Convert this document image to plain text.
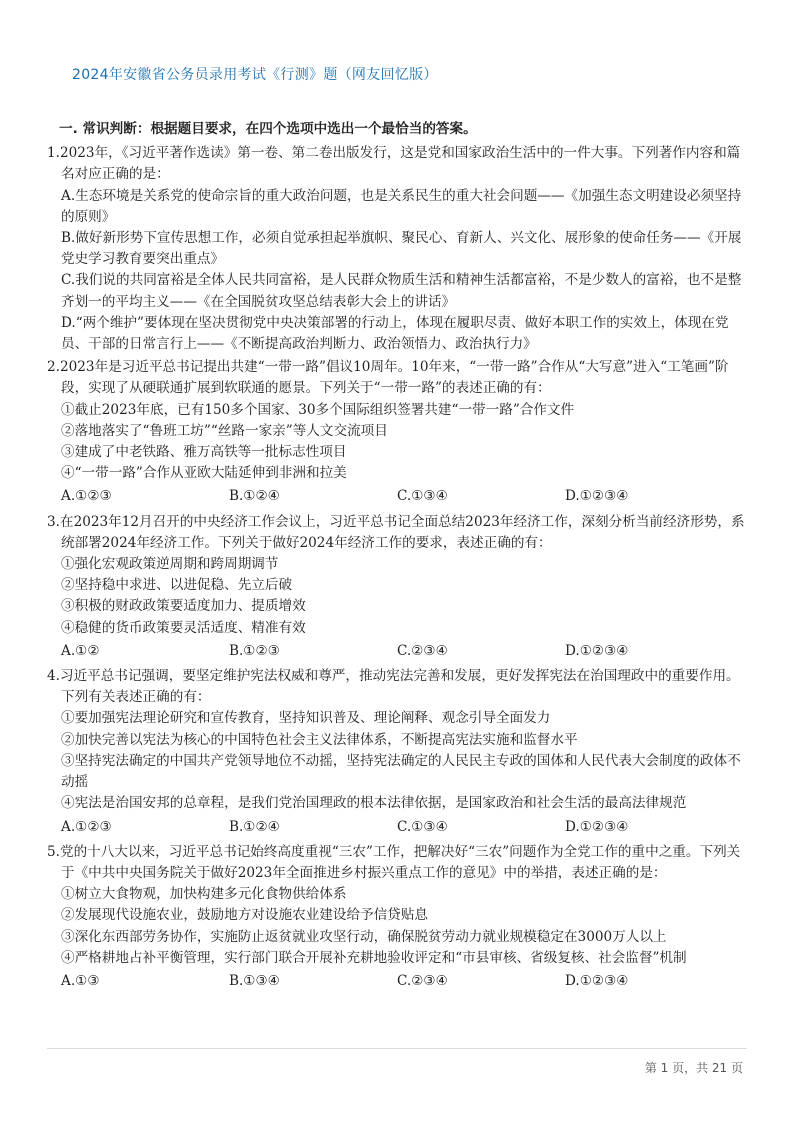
2024年安徽省公务员录用考试《行测》题（网友回忆版）
一. 常识判断：根据题目要求，在四个选项中选出一个最恰当的答案。

1.2023年，《习近平著作选读》第一卷、第二卷出版发行，这是党和国家政治生活中的一件大事。下列著作内容和篇名对应正确的是：

A.生态环境是关系党的使命宗旨的重大政治问题，也是关系民生的重大社会问题——《加强生态文明建设必须坚持的原则》

B.做好新形势下宣传思想工作，必须自觉承担起举旗帜、聚民心、育新人、兴文化、展形象的使命任务——《开展党史学习教育要突出重点》

C.我们说的共同富裕是全体人民共同富裕，是人民群众物质生活和精神生活都富裕，不是少数人的富裕，也不是整齐划一的平均主义——《在全国脱贫攻坚总结表彰大会上的讲话》

D.“两个维护”要体现在坚决贯彻党中央决策部署的行动上，体现在履职尽责、做好本职工作的实效上，体现在党员、干部的日常言行上——《不断提高政治判断力、政治领悟力、政治执行力》

2.2023年是习近平总书记提出共建“一带一路”倡议10周年。10年来，“一带一路”合作从“大写意”进入“工笔画”阶段，实现了从硬联通扩展到软联通的愿景。下列关于“一带一路”的表述正确的有：

①截止2023年底，已有150多个国家、30多个国际组织签署共建“一带一路”合作文件

②落地落实了“鲁班工坊”“丝路一家亲”等人文交流项目

③建成了中老铁路、雅万高铁等一批标志性项目

④“一带一路”合作从亚欧大陆延伸到非洲和拉美

A.①②③	B.①②④	C.①③④	D.①②③④

3.在2023年12月召开的中央经济工作会议上，习近平总书记全面总结2023年经济工作，深刻分析当前经济形势，系统部署2024年经济工作。下列关于做好2024年经济工作的要求，表述正确的有：

①强化宏观政策逆周期和跨周期调节

②坚持稳中求进、以进促稳、先立后破

③积极的财政政策要适度加力、提质增效

④稳健的货币政策要灵活适度、精准有效

A.①②	B.①②③	C.②③④	D.①②③④

4.习近平总书记强调，要坚定维护宪法权威和尊严，推动宪法完善和发展，更好发挥宪法在治国理政中的重要作用。下列有关表述正确的有：

①要加强宪法理论研究和宣传教育，坚持知识普及、理论阐释、观念引导全面发力

②加快完善以宪法为核心的中国特色社会主义法律体系，不断提高宪法实施和监督水平

③坚持宪法确定的中国共产党领导地位不动摇，坚持宪法确定的人民民主专政的国体和人民代表大会制度的政体不动摇

④宪法是治国安邦的总章程，是我们党治国理政的根本法律依据，是国家政治和社会生活的最高法律规范

A.①②③	B.①②④	C.①③④	D.①②③④

5.党的十八大以来，习近平总书记始终高度重视“三农”工作，把解决好“三农”问题作为全党工作的重中之重。下列关于《中共中央国务院关于做好2023年全面推进乡村振兴重点工作的意见》中的举措，表述正确的是：

①树立大食物观，加快构建多元化食物供给体系

②发展现代设施农业，鼓励地方对设施农业建设给予信贷贴息

③深化东西部劳务协作，实施防止返贫就业攻坚行动，确保脱贫劳动力就业规模稳定在3000万人以上

④严格耕地占补平衡管理，实行部门联合开展补充耕地验收评定和“市县审核、省级复核、社会监督”机制

A.①③	B.①③④	C.②③④	D.①②③④
第 1 页，共 21 页
